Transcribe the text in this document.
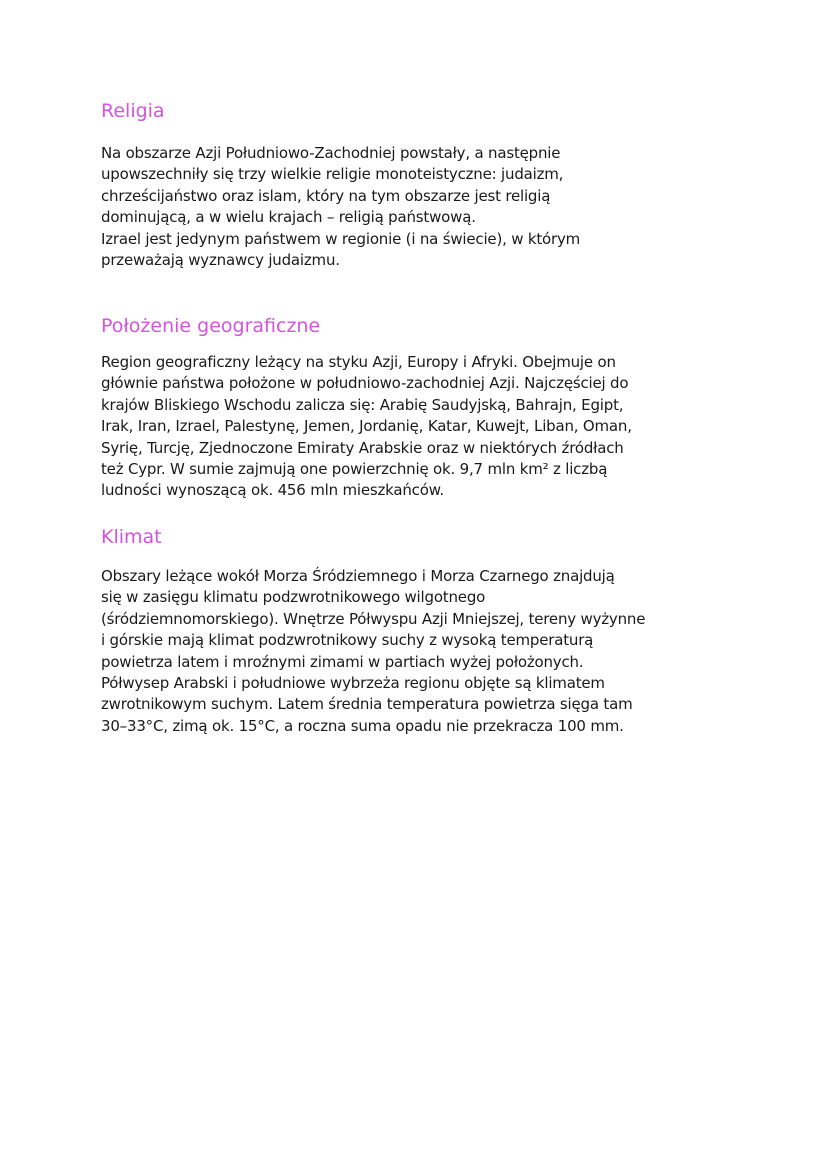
Religia
Na obszarze Azji Południowo-Zachodniej powstały, a następnie
upowszechniły się trzy wielkie religie monoteistyczne: judaizm,
chrześcijaństwo oraz islam, który na tym obszarze jest religią
dominującą, a w wielu krajach – religią państwową.
Izrael jest jedynym państwem w regionie (i na świecie), w którym
przeważają wyznawcy judaizmu.
Położenie geograficzne
Region geograficzny leżący na styku Azji, Europy i Afryki. Obejmuje on
głównie państwa położone w południowo-zachodniej Azji. Najczęściej do
krajów Bliskiego Wschodu zalicza się: Arabię Saudyjską, Bahrajn, Egipt,
Irak, Iran, Izrael, Palestynę, Jemen, Jordanię, Katar, Kuwejt, Liban, Oman,
Syrię, Turcję, Zjednoczone Emiraty Arabskie oraz w niektórych źródłach
też Cypr. W sumie zajmują one powierzchnię ok. 9,7 mln km² z liczbą
ludności wynoszącą ok. 456 mln mieszkańców.
Klimat
Obszary leżące wokół Morza Śródziemnego i Morza Czarnego znajdują
się w zasięgu klimatu podzwrotnikowego wilgotnego
(śródziemnomorskiego). Wnętrze Półwyspu Azji Mniejszej, tereny wyżynne
i górskie mają klimat podzwrotnikowy suchy z wysoką temperaturą
powietrza latem i mroźnymi zimami w partiach wyżej położonych.
Półwysep Arabski i południowe wybrzeża regionu objęte są klimatem
zwrotnikowym suchym. Latem średnia temperatura powietrza sięga tam
30–33°C, zimą ok. 15°C, a roczna suma opadu nie przekracza 100 mm.
